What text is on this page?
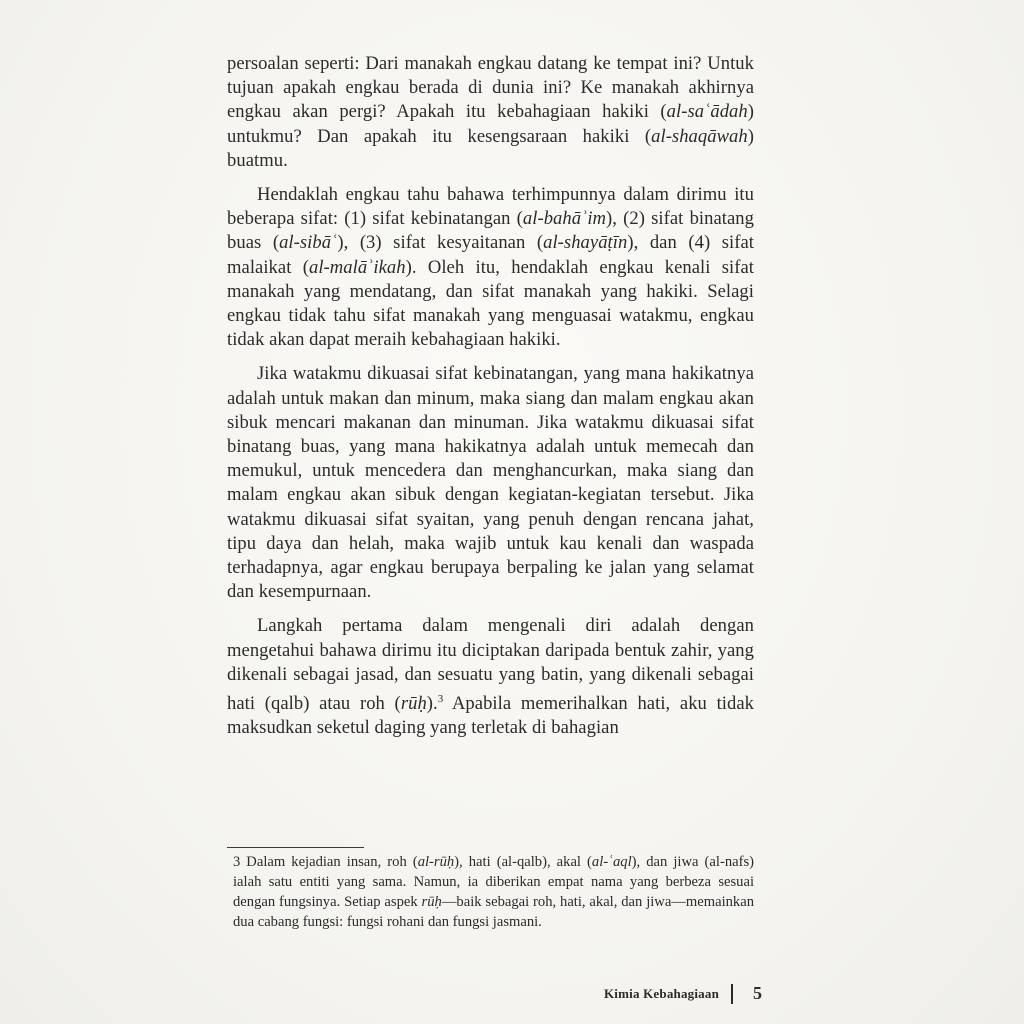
persoalan seperti: Dari manakah engkau datang ke tempat ini? Untuk tujuan apakah engkau berada di dunia ini? Ke manakah akhirnya engkau akan pergi? Apakah itu kebahagiaan hakiki (al-saʿādah) untukmu? Dan apakah itu kesengsaraan hakiki (al-shaqāwah) buatmu.

Hendaklah engkau tahu bahawa terhimpunnya dalam dirimu itu beberapa sifat: (1) sifat kebinatangan (al-bahāʾim), (2) sifat binatang buas (al-sibāʿ), (3) sifat kesyaitanan (al-shayāṭīn), dan (4) sifat malaikat (al-malāʾikah). Oleh itu, hendaklah engkau kenali sifat manakah yang mendatang, dan sifat manakah yang hakiki. Selagi engkau tidak tahu sifat manakah yang menguasai watakmu, engkau tidak akan dapat meraih kebahagiaan hakiki.

Jika watakmu dikuasai sifat kebinatangan, yang mana hakikatnya adalah untuk makan dan minum, maka siang dan malam engkau akan sibuk mencari makanan dan minuman. Jika watakmu dikuasai sifat binatang buas, yang mana hakikatnya adalah untuk memecah dan memukul, untuk mencedera dan menghancurkan, maka siang dan malam engkau akan sibuk dengan kegiatan-kegiatan tersebut. Jika watakmu dikuasai sifat syaitan, yang penuh dengan rencana jahat, tipu daya dan helah, maka wajib untuk kau kenali dan waspada terhadapnya, agar engkau berupaya berpaling ke jalan yang selamat dan kesempurnaan.

Langkah pertama dalam mengenali diri adalah dengan mengetahui bahawa dirimu itu diciptakan daripada bentuk zahir, yang dikenali sebagai jasad, dan sesuatu yang batin, yang dikenali sebagai hati (qalb) atau roh (rūḥ).$^3$ Apabila memerihalkan hati, aku tidak maksudkan seketul daging yang terletak di bahagian

3 Dalam kejadian insan, roh (al-rūḥ), hati (al-qalb), akal (al-ʿaql), dan jiwa (al-nafs) ialah satu entiti yang sama. Namun, ia diberikan empat nama yang berbeza sesuai dengan fungsinya. Setiap aspek rūḥ—baik sebagai roh, hati, akal, dan jiwa—memainkan dua cabang fungsi: fungsi rohani dan fungsi jasmani.
Kimia Kebahagiaan	5
